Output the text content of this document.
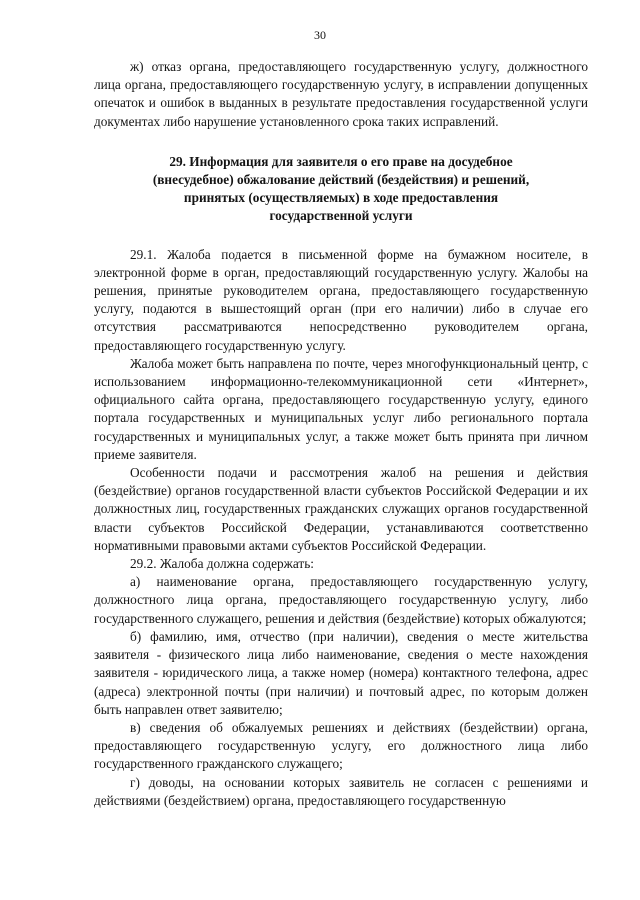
30

ж) отказ органа, предоставляющего государственную услугу, должностного лица органа, предоставляющего государственную услугу, в исправлении допущенных опечаток и ошибок в выданных в результате предоставления государственной услуги документах либо нарушение установленного срока таких исправлений.

29. Информация для заявителя о его праве на досудебное
(внесудебное) обжалование действий (бездействия) и решений,
принятых (осуществляемых) в ходе предоставления
государственной услуги

29.1. Жалоба подается в письменной форме на бумажном носителе, в электронной форме в орган, предоставляющий государственную услугу. Жалобы на решения, принятые руководителем органа, предоставляющего государственную услугу, подаются в вышестоящий орган (при его наличии) либо в случае его отсутствия рассматриваются непосредственно руководителем органа, предоставляющего государственную услугу.

Жалоба может быть направлена по почте, через многофункциональный центр, с использованием информационно-телекоммуникационной сети «Интернет», официального сайта органа, предоставляющего государственную услугу, единого портала государственных и муниципальных услуг либо регионального портала государственных и муниципальных услуг, а также может быть принята при личном приеме заявителя.

Особенности подачи и рассмотрения жалоб на решения и действия (бездействие) органов государственной власти субъектов Российской Федерации и их должностных лиц, государственных гражданских служащих органов государственной власти субъектов Российской Федерации, устанавливаются соответственно нормативными правовыми актами субъектов Российской Федерации.

29.2. Жалоба должна содержать:

а) наименование органа, предоставляющего государственную услугу, должностного лица органа, предоставляющего государственную услугу, либо государственного служащего, решения и действия (бездействие) которых обжалуются;

б) фамилию, имя, отчество (при наличии), сведения о месте жительства заявителя - физического лица либо наименование, сведения о месте нахождения заявителя - юридического лица, а также номер (номера) контактного телефона, адрес (адреса) электронной почты (при наличии) и почтовый адрес, по которым должен быть направлен ответ заявителю;

в) сведения об обжалуемых решениях и действиях (бездействии) органа, предоставляющего государственную услугу, его должностного лица либо государственного гражданского служащего;

г) доводы, на основании которых заявитель не согласен с решениями и действиями (бездействием) органа, предоставляющего государственную
